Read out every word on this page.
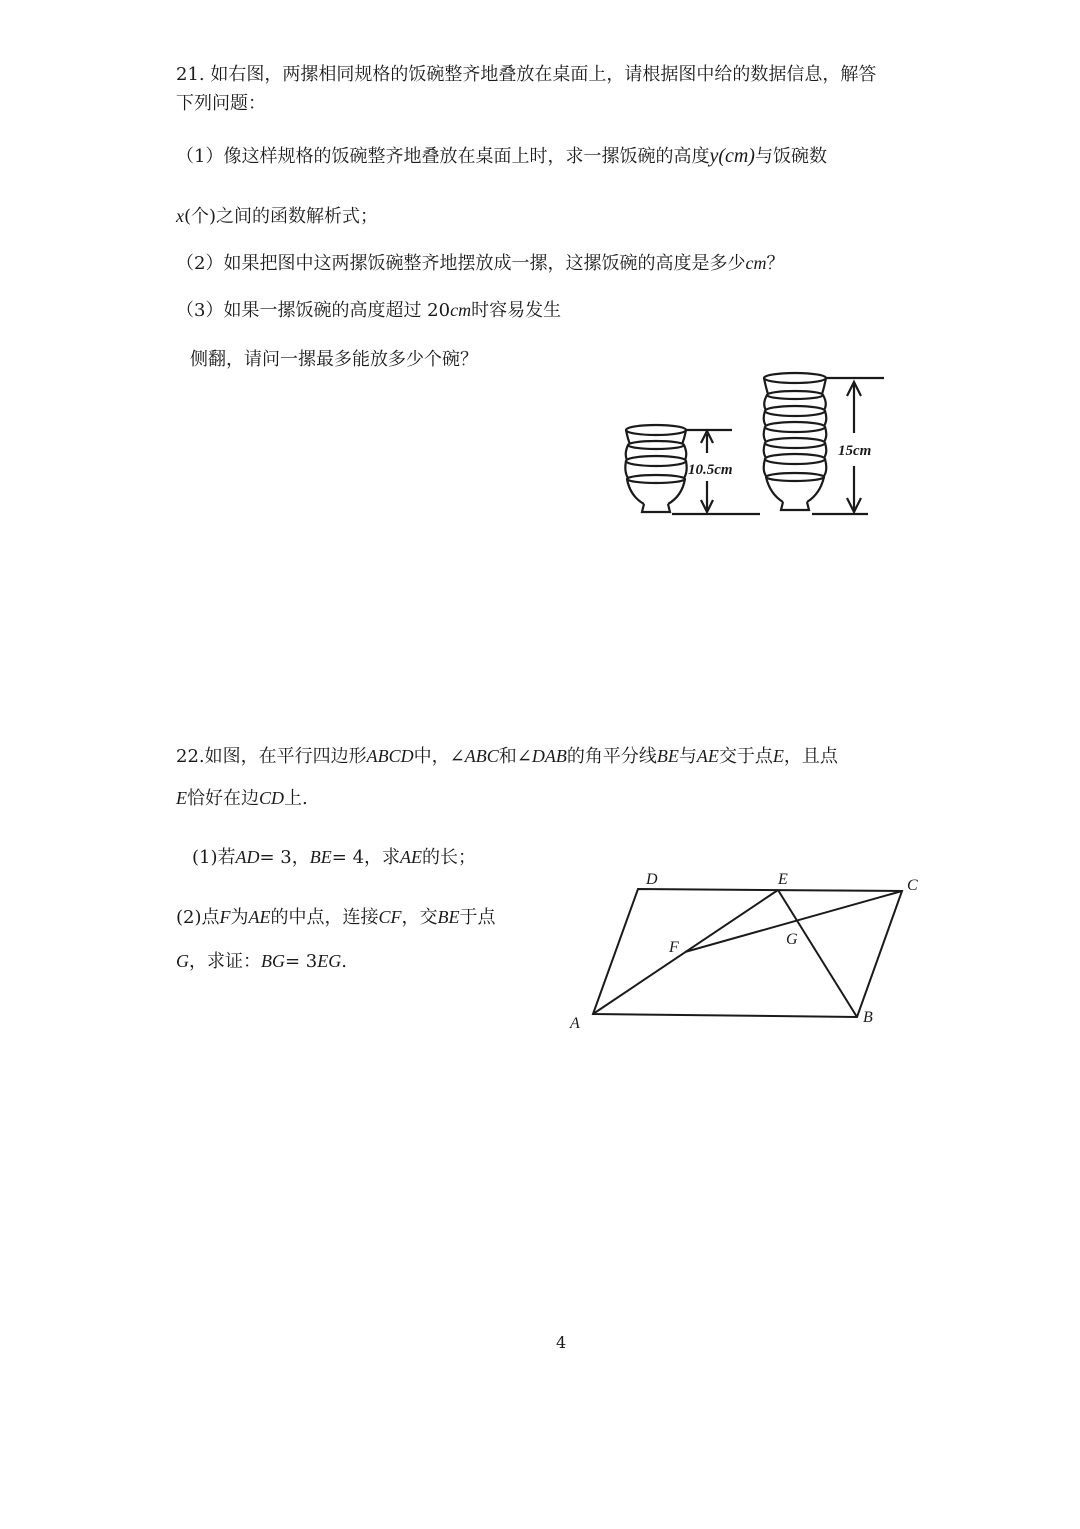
21. 如右图，两摞相同规格的饭碗整齐地叠放在桌面上，请根据图中给的数据信息，解答
下列问题：
（1）像这样规格的饭碗整齐地叠放在桌面上时，求一摞饭碗的高度y(cm)与饭碗数
x(个)之间的函数解析式；
（2）如果把图中这两摞饭碗整齐地摆放成一摞，这摞饭碗的高度是多少cm？
（3）如果一摞饭碗的高度超过 20cm时容易发生
侧翻，请问一摞最多能放多少个碗？
10.5cm
15cm
22.如图，在平行四边形ABCD中，∠ABC和∠DAB的角平分线BE与AE交于点E，且点
E恰好在边CD上.
(1)若AD= 3，BE= 4，求AE的长；
(2)点F为AE的中点，连接CF，交BE于点
G，求证：BG= 3EG.
A	B
C
D	E
F	G
4
